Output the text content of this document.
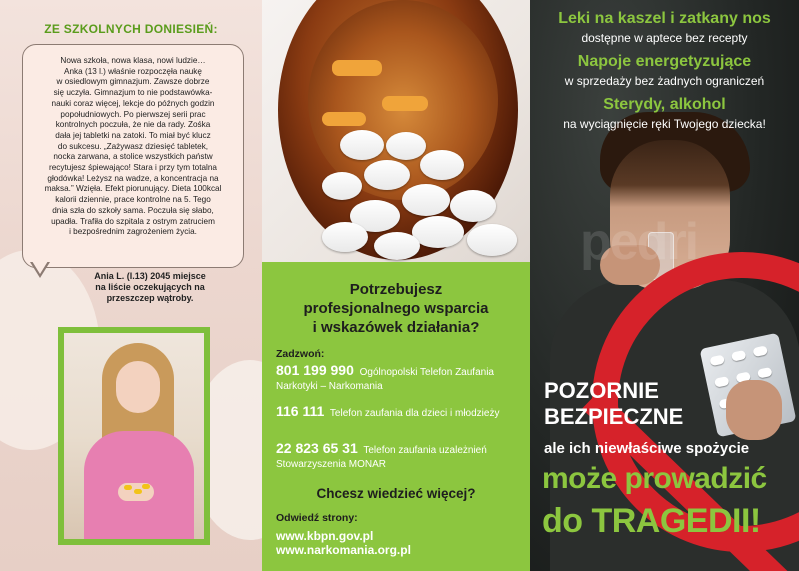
ZE SZKOLNYCH DONIESIEŃ:
Nowa szkoła, nowa klasa, nowi ludzie…
Anka (13 l.) właśnie rozpoczęła naukę
w osiedlowym gimnazjum. Zawsze dobrze
się uczyła. Gimnazjum to nie podstawówka-
nauki coraz więcej, lekcje do późnych godzin
popołudniowych. Po pierwszej serii prac
kontrolnych poczuła, że nie da rady. Zośka
dała jej tabletki na zatoki. To miał być klucz
do sukcesu. „Zażywasz dziesięć tabletek,
nocka zarwana, a stolice wszystkich państw
recytujesz śpiewająco! Stara i przy tym totalna
głodówka! Leżysz na wadze, a koncentracja na
maksa.” Wzięła. Efekt piorunujący. Dieta 100kcal
kalorii dziennie, prace kontrolne na 5. Tego
dnia szła do szkoły sama. Poczuła się słabo,
upadła. Trafiła do szpitala z ostrym zatruciem
i bezpośrednim zagrożeniem życia.
Ania L. (l.13) 2045 miejsce
na liście oczekujących na
przeszczep wątroby.	Potrzebujesz
profesjonalnego wsparcia
i wskazówek działania?
Zadzwoń:
801 199 990 Ogólnopolski Telefon Zaufania Narkotyki – Narkomania
116 111 Telefon zaufania dla dzieci i młodzieży
22 823 65 31 Telefon zaufania uzależnień Stowarzyszenia MONAR
Chcesz wiedzieć więcej?
Odwiedź strony:
www.kbpn.gov.pl
www.narkomania.org.pl
pedri
Leki na kaszel i zatkany nos
dostępne w aptece bez recepty
Napoje energetyzujące
w sprzedaży bez żadnych ograniczeń
Sterydy, alkohol
na wyciągnięcie ręki Twojego dziecka!
POZORNIE
BEZPIECZNE
ale ich niewłaściwe spożycie
może prowadzić
do TRAGEDII!
